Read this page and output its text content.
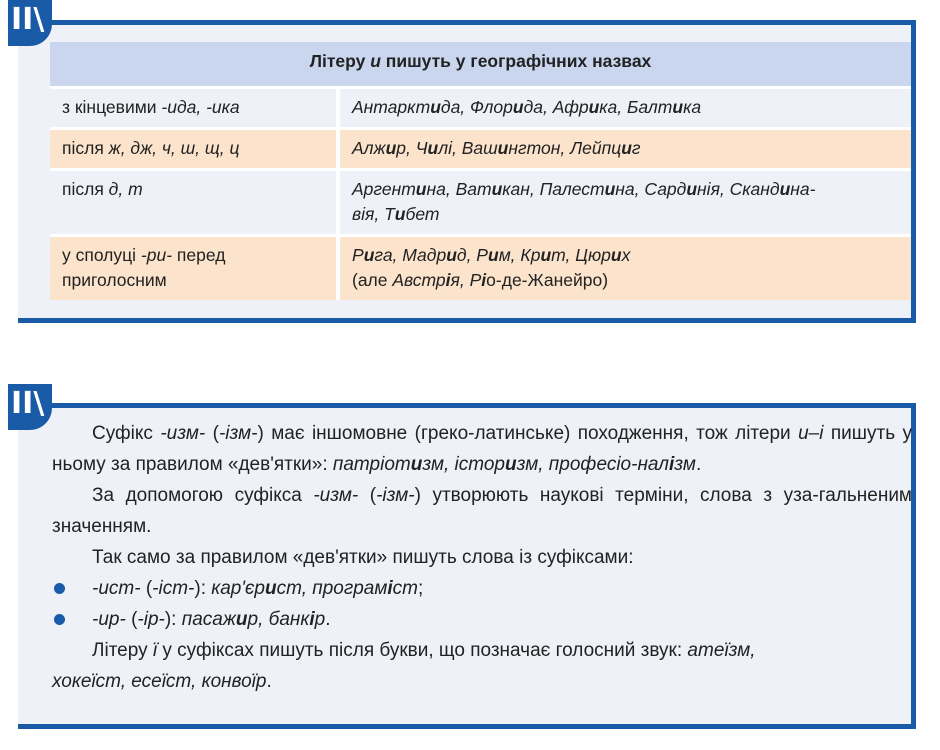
ІІ\
Літеру и пишуть у географічних назвах	
з кінцевими -ида, -ика	Антарктида, Флорида, Африка, Балтика
після ж, дж, ч, ш, щ, ц	Алжир, Чилі, Вашингтон, Лейпциг
після д, т	Аргентина, Ватикан, Палестина, Сардинія, Скандина-
вія, Тибет
у сполуці -ри- перед
приголосним	Рига, Мадрид, Рим, Крит, Цюрих
(але Австрія, Ріо-де-Жанейро)
ІІ\

Суфікс -изм- (-ізм-) має іншомовне (греко-латинське) походження, тож літери и–і пишуть у ньому за правилом «дев'ятки»: патріотизм, історизм, професіо-налізм.

За допомогою суфікса -изм- (-ізм-) утворюють наукові терміни, слова з уза-гальненим значенням.

Так само за правилом «дев'ятки» пишуть слова із суфіксами:

-ист- (-іст-): кар'єрист, програміст;

-ир- (-ір-): пасажир, банкір.

Літеру ї у суфіксах пишуть після букви, що позначає голосний звук: атеїзм,
хокеїст, есеїст, конвоїр.
